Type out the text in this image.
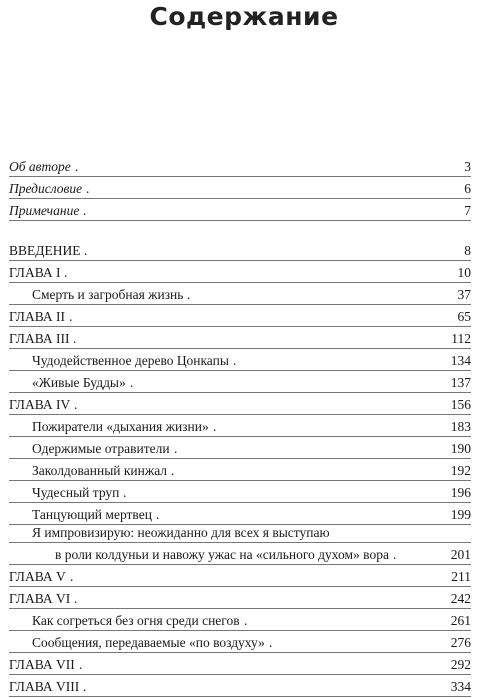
Содержание
Об авторе	3
.
Предисловие	6
.
Примечание	7
.
ВВЕДЕНИЕ	8
.
ГЛАВА I	10
.
Смерть и загробная жизнь	37
.
ГЛАВА II	65
.
ГЛАВА III	112
.
Чудодейственное дерево Цонкапы	134
.
«Живые Будды»	137
.
ГЛАВА IV	156
.
Пожиратели «дыхания жизни»	183
.
Одержимые отравители	190
.
Заколдованный кинжал	192
.
Чудесный труп	196
.
Танцующий мертвец	199
.
Я импровизирую: неожиданно для всех я выступаю
в роли колдуньи и навожу ужас на «сильного духом» вора	201
.
ГЛАВА V	211
.
ГЛАВА VI	242
.
Как согреться без огня среди снегов	261
.
Сообщения, передаваемые «по воздуху»	276
.
ГЛАВА VII	292
.
ГЛАВА VIII	334
.
